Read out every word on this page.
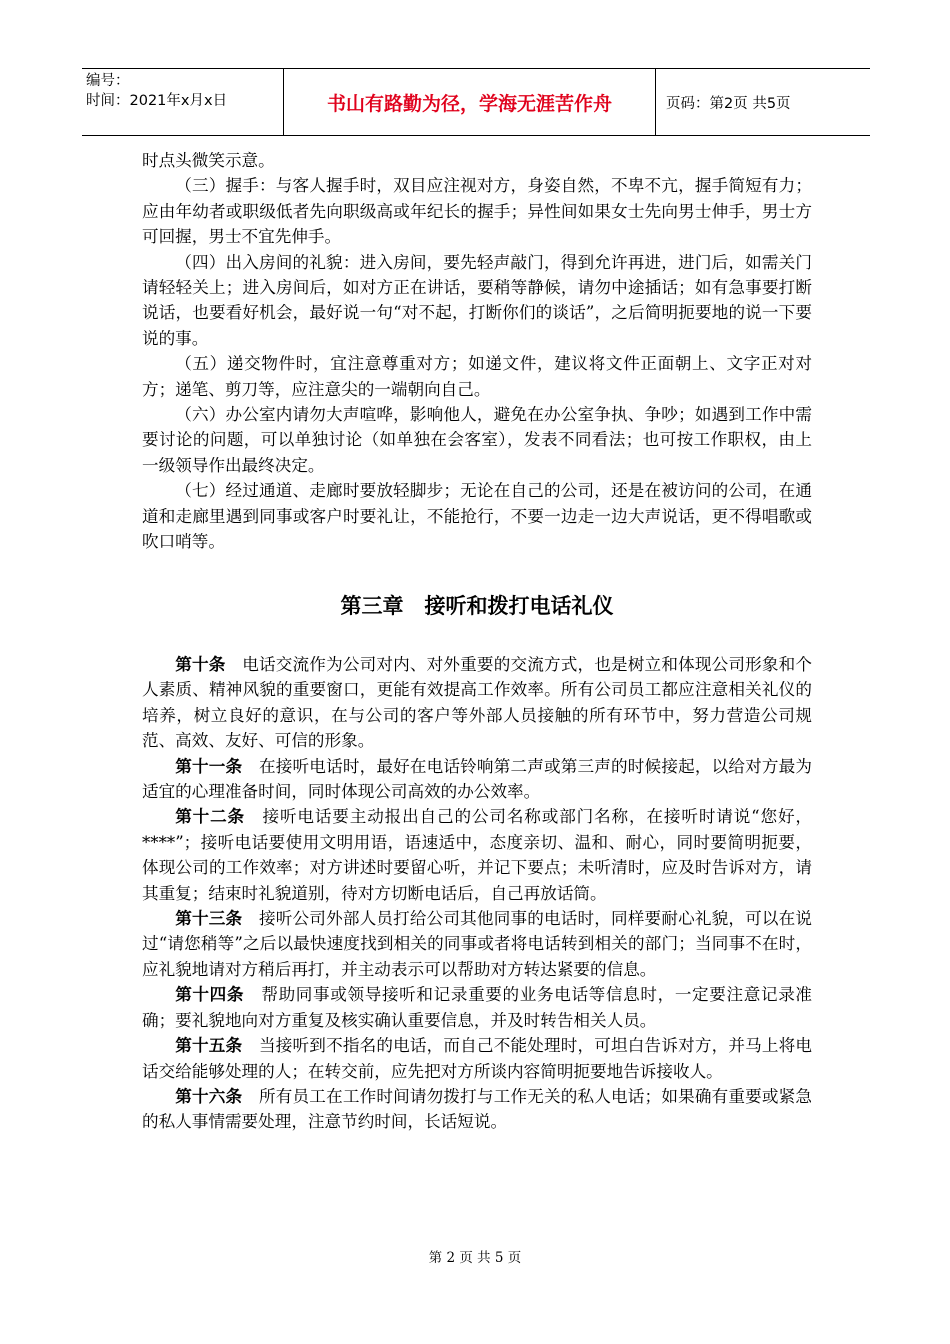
编号：
时间：2021年x月x日	书山有路勤为径，学海无涯苦作舟	页码：第2页 共5页

时点头微笑示意。

（三）握手：与客人握手时，双目应注视对方，身姿自然，不卑不亢，握手简短有力；应由年幼者或职级低者先向职级高或年纪长的握手；异性间如果女士先向男士伸手，男士方可回握，男士不宜先伸手。

（四）出入房间的礼貌：进入房间，要先轻声敲门，得到允许再进，进门后，如需关门请轻轻关上；进入房间后，如对方正在讲话，要稍等静候，请勿中途插话；如有急事要打断说话，也要看好机会，最好说一句“对不起，打断你们的谈话”，之后简明扼要地的说一下要说的事。

（五）递交物件时，宜注意尊重对方；如递文件，建议将文件正面朝上、文字正对对方；递笔、剪刀等，应注意尖的一端朝向自己。

（六）办公室内请勿大声喧哗，影响他人，避免在办公室争执、争吵；如遇到工作中需要讨论的问题，可以单独讨论（如单独在会客室），发表不同看法；也可按工作职权，由上一级领导作出最终决定。

（七）经过通道、走廊时要放轻脚步；无论在自己的公司，还是在被访问的公司，在通道和走廊里遇到同事或客户时要礼让，不能抢行，不要一边走一边大声说话，更不得唱歌或吹口哨等。

第三章　接听和拨打电话礼仪

第十条　 电话交流作为公司对内、对外重要的交流方式，也是树立和体现公司形象和个人素质、精神风貌的重要窗口，更能有效提高工作效率。所有公司员工都应注意相关礼仪的培养，树立良好的意识，在与公司的客户等外部人员接触的所有环节中，努力营造公司规范、高效、友好、可信的形象。

第十一条　 在接听电话时，最好在电话铃响第二声或第三声的时候接起，以给对方最为适宜的心理准备时间，同时体现公司高效的办公效率。

第十二条　 接听电话要主动报出自己的公司名称或部门名称，在接听时请说“您好，****”；接听电话要使用文明用语，语速适中，态度亲切、温和、耐心，同时要简明扼要，体现公司的工作效率；对方讲述时要留心听，并记下要点；未听清时，应及时告诉对方，请其重复；结束时礼貌道别，待对方切断电话后，自己再放话筒。

第十三条　 接听公司外部人员打给公司其他同事的电话时，同样要耐心礼貌，可以在说过“请您稍等”之后以最快速度找到相关的同事或者将电话转到相关的部门；当同事不在时，应礼貌地请对方稍后再打，并主动表示可以帮助对方转达紧要的信息。

第十四条　 帮助同事或领导接听和记录重要的业务电话等信息时，一定要注意记录准确；要礼貌地向对方重复及核实确认重要信息，并及时转告相关人员。

第十五条　 当接听到不指名的电话，而自己不能处理时，可坦白告诉对方，并马上将电话交给能够处理的人；在转交前，应先把对方所谈内容简明扼要地告诉接收人。

第十六条　 所有员工在工作时间请勿拨打与工作无关的私人电话；如果确有重要或紧急的私人事情需要处理，注意节约时间，长话短说。

第 2 页 共 5 页
